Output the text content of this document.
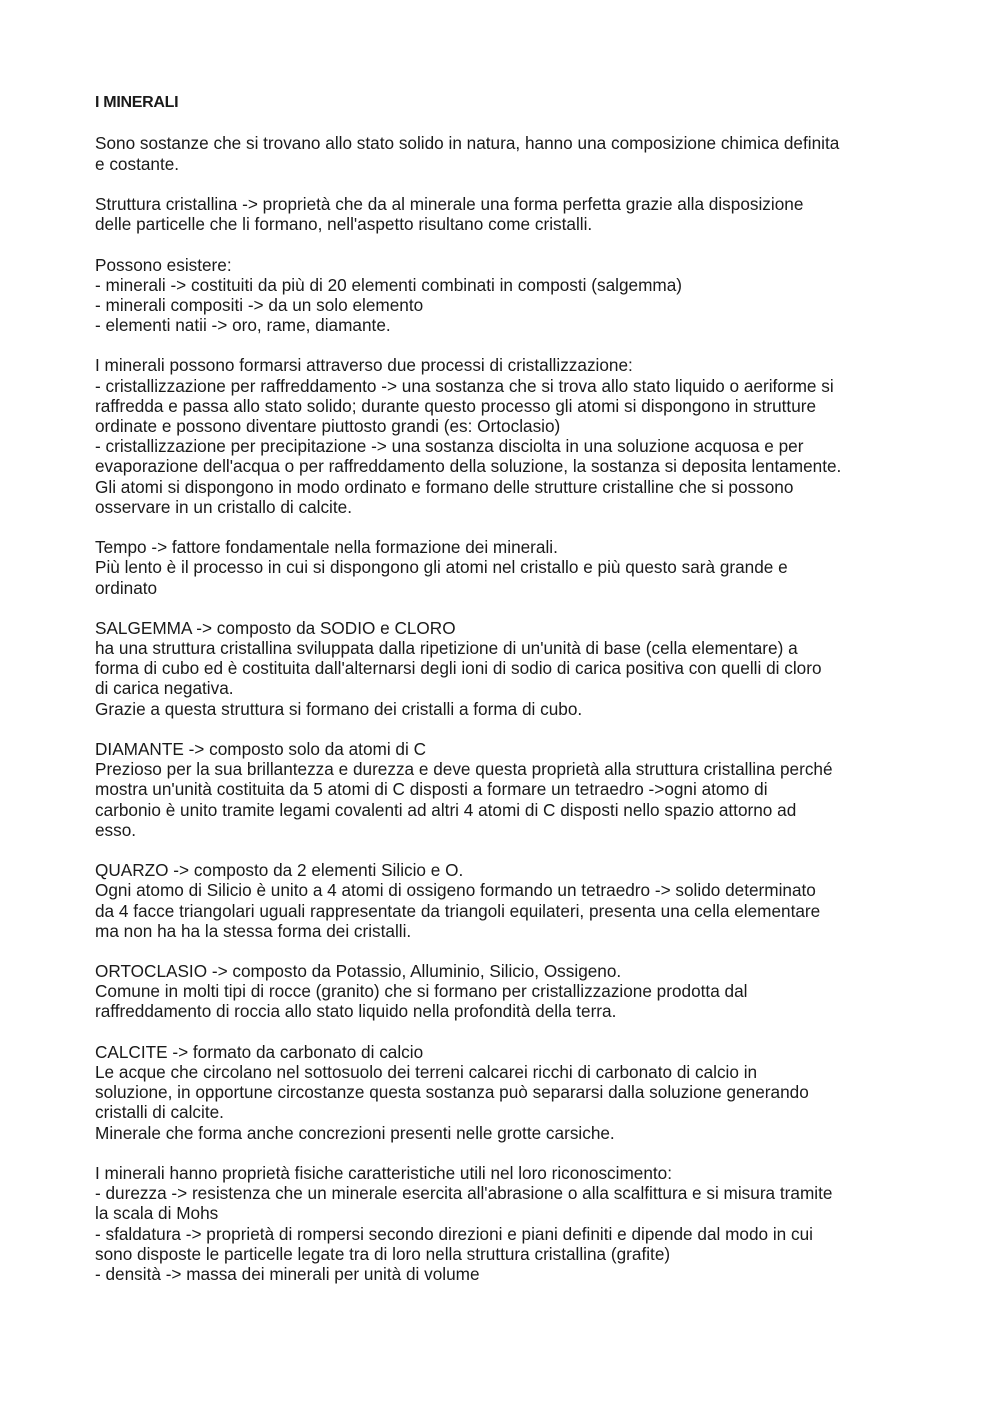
I MINERALI

Sono sostanze che si trovano allo stato solido in natura, hanno una composizione chimica definita

e costante.

Struttura cristallina -> proprietà che da al minerale una forma perfetta grazie alla disposizione

delle particelle che li formano, nell'aspetto risultano come cristalli.

Possono esistere:

- minerali -> costituiti da più di 20 elementi combinati in composti (salgemma)

- minerali compositi -> da un solo elemento

- elementi natii -> oro, rame, diamante.

I minerali possono formarsi attraverso due processi di cristallizzazione:

- cristallizzazione per raffreddamento -> una sostanza che si trova allo stato liquido o aeriforme si

raffredda e passa allo stato solido; durante questo processo gli atomi si dispongono in strutture

ordinate e possono diventare piuttosto grandi (es: Ortoclasio)

- cristallizzazione per precipitazione -> una sostanza disciolta in una soluzione acquosa e per

evaporazione dell'acqua o per raffreddamento della soluzione, la sostanza si deposita lentamente.

Gli atomi si dispongono in modo ordinato e formano delle strutture cristalline che si possono

osservare in un cristallo di calcite.

Tempo -> fattore fondamentale nella formazione dei minerali.

Più lento è il processo in cui si dispongono gli atomi nel cristallo e più questo sarà grande e

ordinato

SALGEMMA -> composto da SODIO e CLORO

ha una struttura cristallina sviluppata dalla ripetizione di un'unità di base (cella elementare) a

forma di cubo ed è costituita dall'alternarsi degli ioni di sodio di carica positiva con quelli di cloro

di carica negativa.

Grazie a questa struttura si formano dei cristalli a forma di cubo.

DIAMANTE -> composto solo da atomi di C

Prezioso per la sua brillantezza e durezza e deve questa proprietà alla struttura cristallina perché

mostra un'unità costituita da 5 atomi di C disposti a formare un tetraedro ->ogni atomo di

carbonio è unito tramite legami covalenti ad altri 4 atomi di C disposti nello spazio attorno ad

esso.

QUARZO -> composto da 2 elementi Silicio e O.

Ogni atomo di Silicio è unito a 4 atomi di ossigeno formando un tetraedro -> solido determinato

da 4 facce triangolari uguali rappresentate da triangoli equilateri, presenta una cella elementare

ma non ha ha la stessa forma dei cristalli.

ORTOCLASIO -> composto da Potassio, Alluminio, Silicio, Ossigeno.

Comune in molti tipi di rocce (granito) che si formano per cristallizzazione prodotta dal

raffreddamento di roccia allo stato liquido nella profondità della terra.

CALCITE -> formato da carbonato di calcio

Le acque che circolano nel sottosuolo dei terreni calcarei ricchi di carbonato di calcio in

soluzione, in opportune circostanze questa sostanza può separarsi dalla soluzione generando

cristalli di calcite.

Minerale che forma anche concrezioni presenti nelle grotte carsiche.

I minerali hanno proprietà fisiche caratteristiche utili nel loro riconoscimento:

- durezza -> resistenza che un minerale esercita all'abrasione o alla scalfittura e si misura tramite

la scala di Mohs

- sfaldatura -> proprietà di rompersi secondo direzioni e piani definiti e dipende dal modo in cui

sono disposte le particelle legate tra di loro nella struttura cristallina (grafite)

- densità -> massa dei minerali per unità di volume
